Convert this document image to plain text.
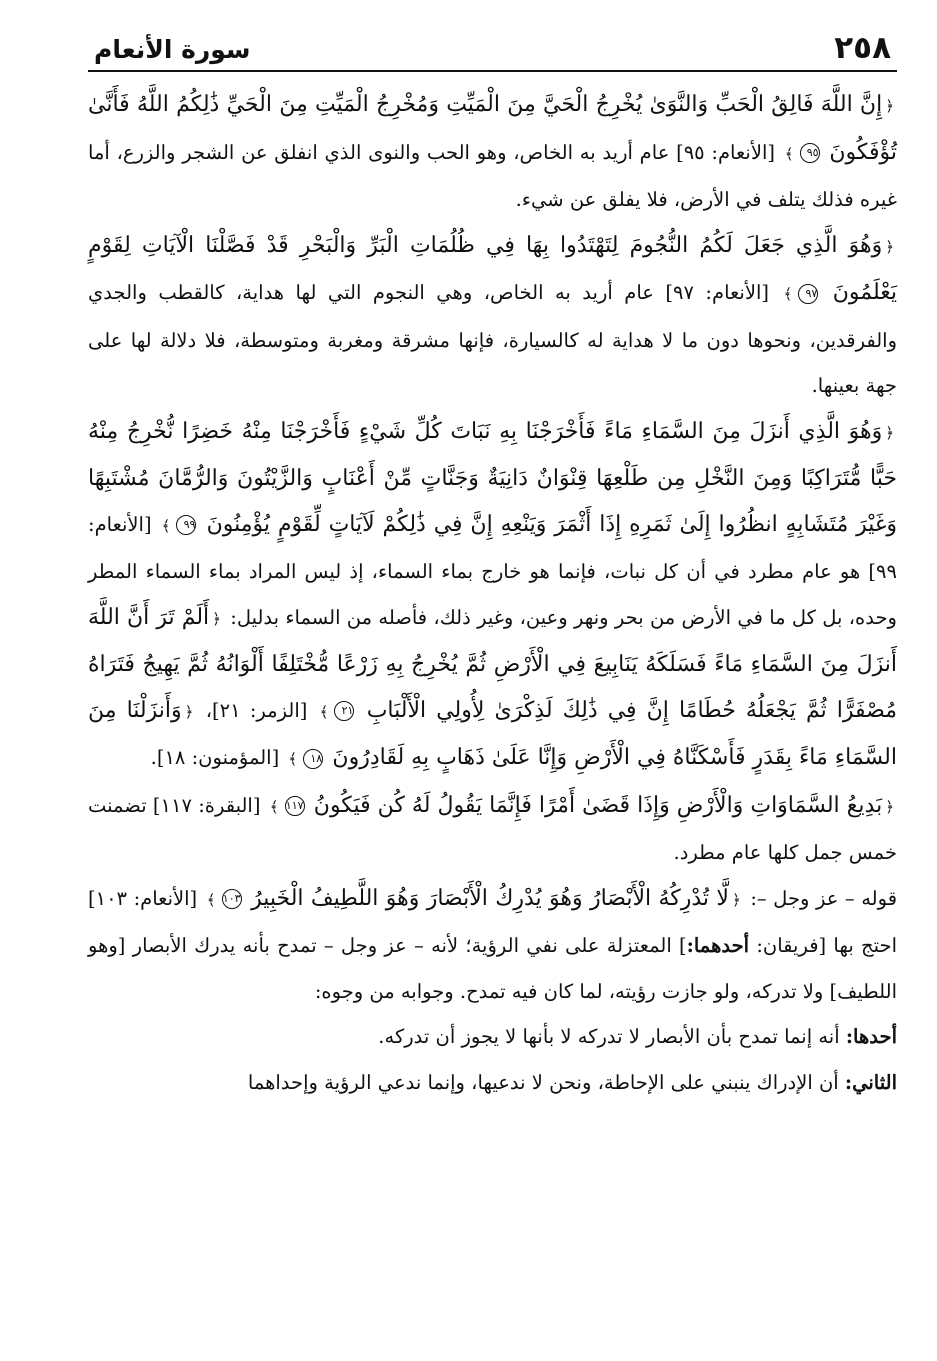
٢٥٨
سورة الأنعام

﴿إِنَّ اللَّهَ فَالِقُ الْحَبِّ وَالنَّوَىٰ يُخْرِجُ الْحَيَّ مِنَ الْمَيِّتِ وَمُخْرِجُ الْمَيِّتِ مِنَ الْحَيِّ ذَٰلِكُمُ اللَّهُ فَأَنَّىٰ تُؤْفَكُونَ ٩٥﴾ [الأنعام: ٩٥] عام أريد به الخاص، وهو الحب والنوى الذي انفلق عن الشجر والزرع، أما غيره فذلك يتلف في الأرض، فلا يفلق عن شيء.

﴿وَهُوَ الَّذِي جَعَلَ لَكُمُ النُّجُومَ لِتَهْتَدُوا بِهَا فِي ظُلُمَاتِ الْبَرِّ وَالْبَحْرِ قَدْ فَصَّلْنَا الْآيَاتِ لِقَوْمٍ يَعْلَمُونَ ٩٧﴾ [الأنعام: ٩٧] عام أريد به الخاص، وهي النجوم التي لها هداية، كالقطب والجدي والفرقدين، ونحوها دون ما لا هداية له كالسيارة، فإنها مشرقة ومغربة ومتوسطة، فلا دلالة لها على جهة بعينها.

﴿وَهُوَ الَّذِي أَنزَلَ مِنَ السَّمَاءِ مَاءً فَأَخْرَجْنَا بِهِ نَبَاتَ كُلِّ شَيْءٍ فَأَخْرَجْنَا مِنْهُ خَضِرًا نُّخْرِجُ مِنْهُ حَبًّا مُّتَرَاكِبًا وَمِنَ النَّخْلِ مِن طَلْعِهَا قِنْوَانٌ دَانِيَةٌ وَجَنَّاتٍ مِّنْ أَعْنَابٍ وَالزَّيْتُونَ وَالرُّمَّانَ مُشْتَبِهًا وَغَيْرَ مُتَشَابِهٍ انظُرُوا إِلَىٰ ثَمَرِهِ إِذَا أَثْمَرَ وَيَنْعِهِ إِنَّ فِي ذَٰلِكُمْ لَآيَاتٍ لِّقَوْمٍ يُؤْمِنُونَ ٩٩﴾ [الأنعام: ٩٩] هو عام مطرد في أن كل نبات، فإنما هو خارج بماء السماء، إذ ليس المراد بماء السماء المطر وحده، بل كل ما في الأرض من بحر ونهر وعين، وغير ذلك، فأصله من السماء بدليل: ﴿أَلَمْ تَرَ أَنَّ اللَّهَ أَنزَلَ مِنَ السَّمَاءِ مَاءً فَسَلَكَهُ يَنَابِيعَ فِي الْأَرْضِ ثُمَّ يُخْرِجُ بِهِ زَرْعًا مُّخْتَلِفًا أَلْوَانُهُ ثُمَّ يَهِيجُ فَتَرَاهُ مُصْفَرًّا ثُمَّ يَجْعَلُهُ حُطَامًا إِنَّ فِي ذَٰلِكَ لَذِكْرَىٰ لِأُولِي الْأَلْبَابِ ٢١﴾ [الزمر: ٢١]، ﴿وَأَنزَلْنَا مِنَ السَّمَاءِ مَاءً بِقَدَرٍ فَأَسْكَنَّاهُ فِي الْأَرْضِ وَإِنَّا عَلَىٰ ذَهَابٍ بِهِ لَقَادِرُونَ ١٨﴾ [المؤمنون: ١٨].

﴿بَدِيعُ السَّمَاوَاتِ وَالْأَرْضِ وَإِذَا قَضَىٰ أَمْرًا فَإِنَّمَا يَقُولُ لَهُ كُن فَيَكُونُ ١١٧﴾ [البقرة: ١١٧] تضمنت خمس جمل كلها عام مطرد.

قوله – عز وجل –: ﴿لَّا تُدْرِكُهُ الْأَبْصَارُ وَهُوَ يُدْرِكُ الْأَبْصَارَ وَهُوَ اللَّطِيفُ الْخَبِيرُ ١٠٣﴾ [الأنعام: ١٠٣] احتج بها [فريقان: أحدهما:] المعتزلة على نفي الرؤية؛ لأنه – عز وجل – تمدح بأنه يدرك الأبصار [وهو اللطيف] ولا تدركه، ولو جازت رؤيته، لما كان فيه تمدح. وجوابه من وجوه:

أحدها: أنه إنما تمدح بأن الأبصار لا تدركه لا بأنها لا يجوز أن تدركه.

الثاني: أن الإدراك ينبني على الإحاطة، ونحن لا ندعيها، وإنما ندعي الرؤية وإحداهما
